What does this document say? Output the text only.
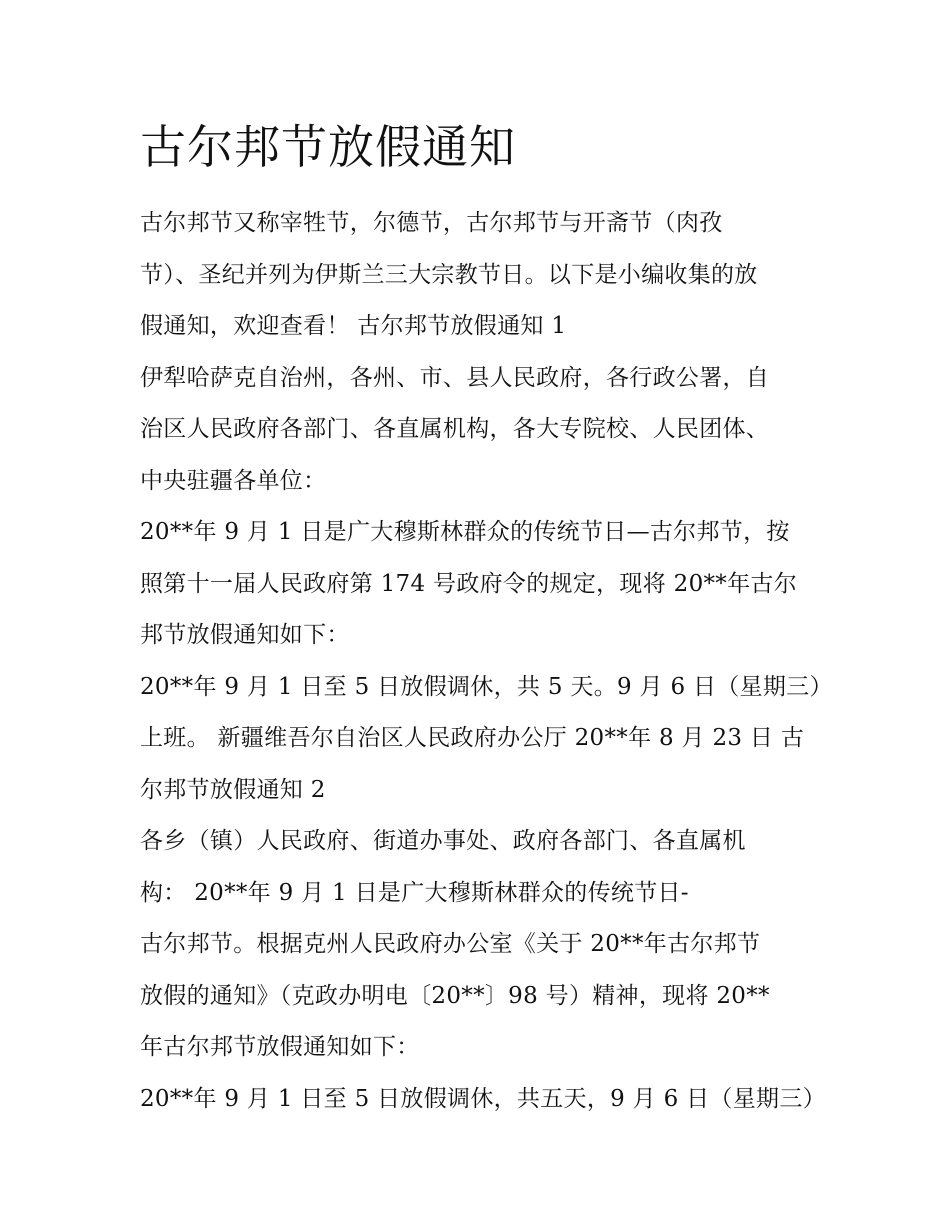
古尔邦节放假通知
古尔邦节又称宰牲节，尔德节，古尔邦节与开斋节（肉孜
节）、圣纪并列为伊斯兰三大宗教节日。以下是小编收集的放
假通知，欢迎查看！ 古尔邦节放假通知 1
伊犁哈萨克自治州，各州、市、县人民政府，各行政公署，自
治区人民政府各部门、各直属机构，各大专院校、人民团体、
中央驻疆各单位：
20**年 9 月 1 日是广大穆斯林群众的传统节日—古尔邦节，按
照第十一届人民政府第 174 号政府令的规定，现将 20**年古尔
邦节放假通知如下：
20**年 9 月 1 日至 5 日放假调休，共 5 天。9 月 6 日（星期三）
上班。 新疆维吾尔自治区人民政府办公厅 20**年 8 月 23 日 古
尔邦节放假通知 2
各乡（镇）人民政府、街道办事处、政府各部门、各直属机
构： 20**年 9 月 1 日是广大穆斯林群众的传统节日-
古尔邦节。根据克州人民政府办公室《关于 20**年古尔邦节
放假的通知》（克政办明电〔20**〕98 号）精神，现将 20**
年古尔邦节放假通知如下：
20**年 9 月 1 日至 5 日放假调休，共五天，9 月 6 日（星期三）
